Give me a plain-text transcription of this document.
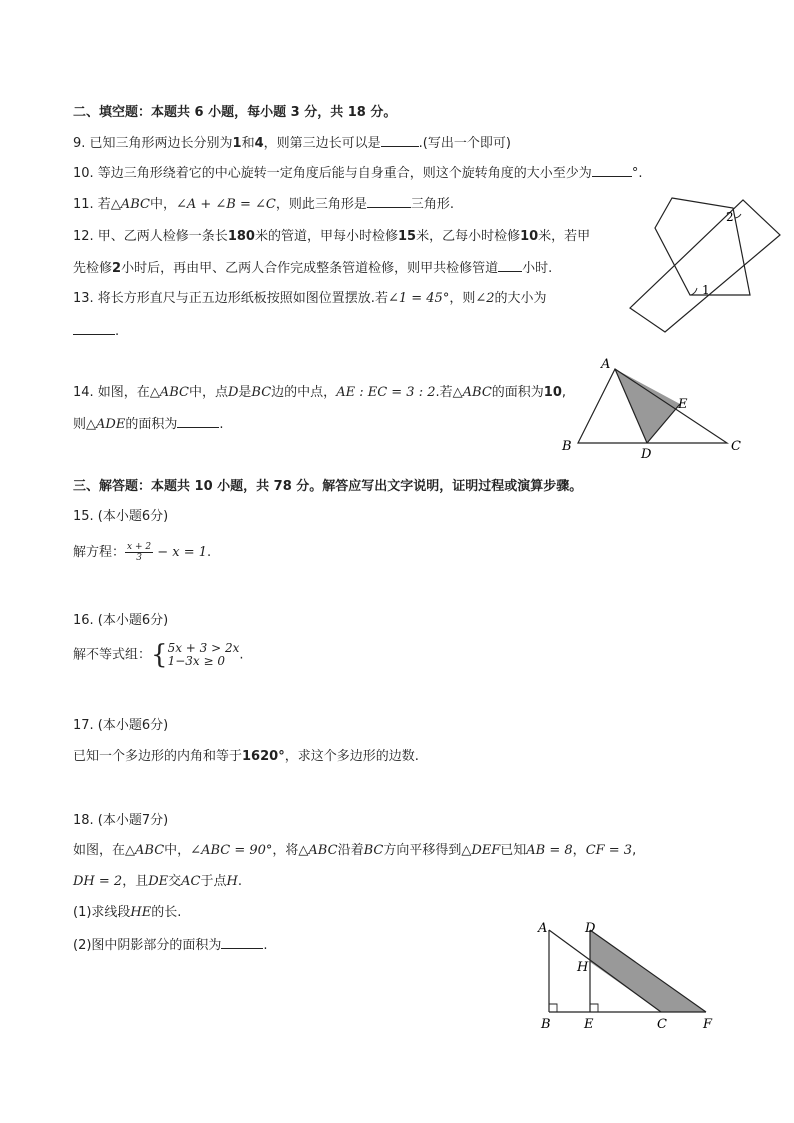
二、填空题：本题共 6 小题，每小题 3 分，共 18 分。
9. 已知三角形两边长分别为1和4，则第三边长可以是	.(写出一个即可)
10. 等边三角形绕着它的中心旋转一定角度后能与自身重合，则这个旋转角度的大小至少为	°.
11. 若△ABC中，∠A + ∠B = ∠C，则此三角形是	三角形.
12. 甲、乙两人检修一条长180米的管道，甲每小时检修15米，乙每小时检修10米，若甲
先检修2小时后，再由甲、乙两人合作完成整条管道检修，则甲共检修管道 小时.
13. 将长方形直尺与正五边形纸板按照如图位置摆放.若∠1 = 45°，则∠2的大小为
.
1
2
14. 如图，在△ABC中，点D是BC边的中点，AE : EC = 3 : 2.若△ABC的面积为10,
则△ADE的面积为	.
A
B	C
D
E
三、解答题：本题共 10 小题，共 78 分。解答应写出文字说明，证明过程或演算步骤。
15. (本小题6分)
解方程： $\frac{x + 2}{3} - x = 1$.
16. (本小题6分)
解不等式组：{ 5x + 3 > 2x
1−3x ≥ 0	.
17. (本小题6分)
已知一个多边形的内角和等于1620°，求这个多边形的边数.
18. (本小题7分)
如图，在△ABC中，∠ABC = 90°，将△ABC沿着BC方向平移得到△DEF已知AB = 8，CF = 3,
DH = 2，且DE交AC于点H.
(1)求线段HE的长.
(2)图中阴影部分的面积为	.
A
B	C
D
E	F
H
